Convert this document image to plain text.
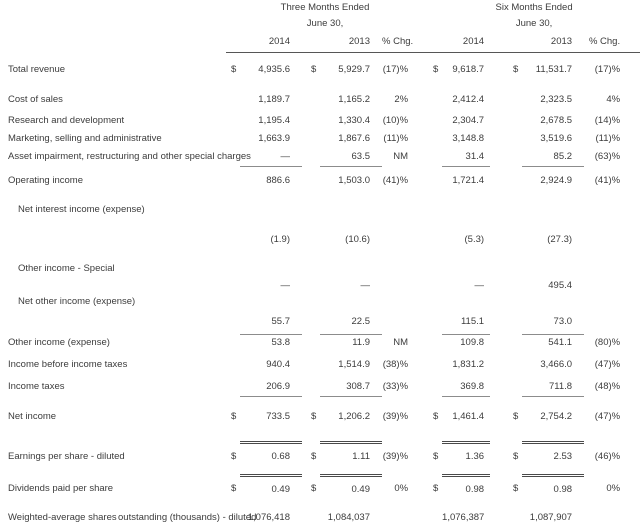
	Three Months Ended							Six Months Ended					
	June 30,							June 30,					
	2014			2013		% Chg.		2014			2013		% Chg.
Total revenue	$	4,935.6		$	5,929.7	(17)%		$	9,618.7		$	11,531.7	(17)%
Cost of sales		1,189.7			1,165.2	2%			2,412.4			2,323.5	4%
Research and development		1,195.4			1,330.4	(10)%			2,304.7			2,678.5	(14)%
Marketing, selling and administrative		1,663.9			1,867.6	(11)%			3,148.8			3,519.6	(11)%
Asset impairment, restructuring and other special charges		—			63.5	NM			31.4			85.2	(63)%
Operating income		886.6			1,503.0	(41)%			1,721.4			2,924.9	(41)%
Net interest income (expense)													
		(1.9)			(10.6)				(5.3)			(27.3)	
Other income - Special													
		—			—				—			495.4	
Net other income (expense)													
		55.7			22.5				115.1			73.0	
Other income (expense)		53.8			11.9	NM			109.8			541.1	(80)%
Income before income taxes		940.4			1,514.9	(38)%			1,831.2			3,466.0	(47)%
Income taxes		206.9			308.7	(33)%			369.8			711.8	(48)%
Net income	$	733.5		$	1,206.2	(39)%		$	1,461.4		$	2,754.2	(47)%
Earnings per share - diluted	$	0.68		$	1.11	(39)%		$	1.36		$	2.53	(46)%
Dividends paid per share	$	0.49		$	0.49	0%		$	0.98		$	0.98	0%
Weighted-average sharesoutstanding (thousands) - diluted		1,076,418			1,084,037				1,076,387			1,087,907	
